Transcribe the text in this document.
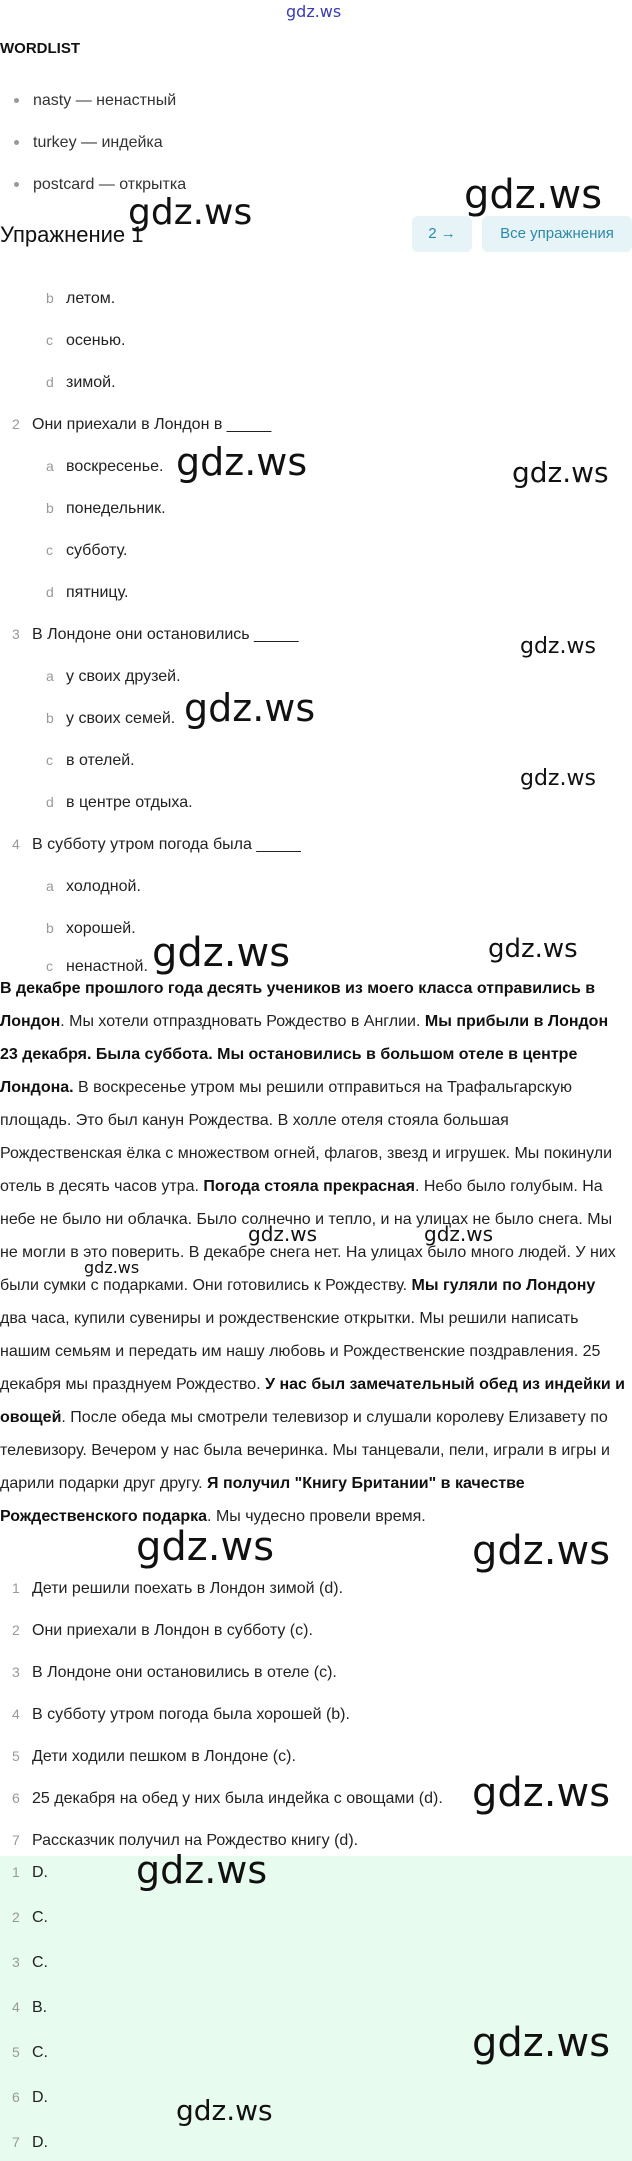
gdz.ws
WORDLIST
nasty — ненастный
turkey — индейка
postcard — открытка
Упражнение 1	2 →	Все упражнения
b летом.
c осенью.
d зимой.
2 Они приехали в Лондон в _____
a воскресенье.
b понедельник.
c субботу.
d пятницу.
3 В Лондоне они остановились _____
a у своих друзей.
b у своих семей.
c в отелей.
d в центре отдыха.
4 В субботу утром погода была _____
a холодной.
b хорошей.
c ненастной.
В декабре прошлого года десять учеников из моего класса отправились в Лондон. Мы хотели отпраздновать Рождество в Англии. Мы прибыли в Лондон 23 декабря. Была суббота. Мы остановились в большом отеле в центре Лондона. В воскресенье утром мы решили отправиться на Трафальгарскую площадь. Это был канун Рождества. В холле отеля стояла большая Рождественская ёлка с множеством огней, флагов, звезд и игрушек. Мы покинули отель в десять часов утра. Погода стояла прекрасная. Небо было голубым. На небе не было ни облачка. Было солнечно и тепло, и на улицах не было снега. Мы не могли в это поверить. В декабре снега нет. На улицах было много людей. У них были сумки с подарками. Они готовились к Рождеству. Мы гуляли по Лондону два часа, купили сувениры и рождественские открытки. Мы решили написать нашим семьям и передать им нашу любовь и Рождественские поздравления. 25 декабря мы празднуем Рождество. У нас был замечательный обед из индейки и овощей. После обеда мы смотрели телевизор и слушали королеву Елизавету по телевизору. Вечером у нас была вечеринка. Мы танцевали, пели, играли в игры и дарили подарки друг другу. Я получил "Книгу Британии" в качестве Рождественского подарка. Мы чудесно провели время.
1 Дети решили поехать в Лондон зимой (d).
2 Они приехали в Лондон в субботу (c).
3 В Лондоне они остановились в отеле (c).
4 В субботу утром погода была хорошей (b).
5 Дети ходили пешком в Лондоне (c).
6 25 декабря на обед у них была индейка с овощами (d).
7 Рассказчик получил на Рождество книгу (d).
1 D.
2 C.
3 C.
4 B.
5 C.
6 D.
7 D.
gdz.ws	gdz.ws
gdz.ws	gdz.ws
gdz.ws
gdz.ws
gdz.ws
gdz.ws	gdz.ws
gdz.ws	gdz.ws
gdz.ws
gdz.ws	gdz.ws
gdz.ws
gdz.ws
gdz.ws
gdz.ws
